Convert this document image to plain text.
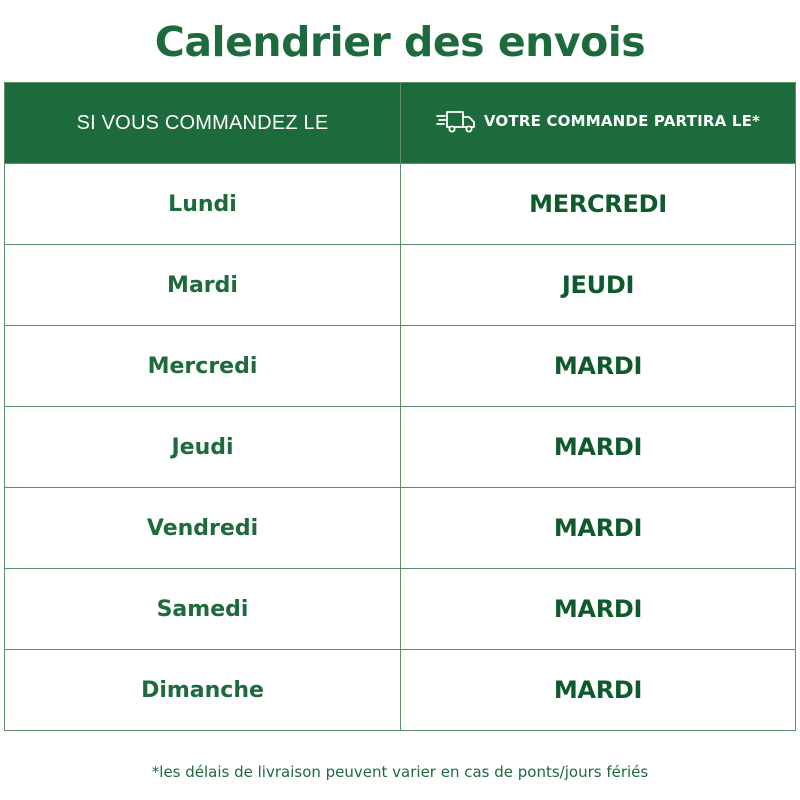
Calendrier des envois
SI VOUS COMMANDEZ LE	VOTRE COMMANDE PARTIRA LE*

Lundi	MERCREDI
Mardi	JEUDI
Mercredi	MARDI
Jeudi	MARDI
Vendredi	MARDI
Samedi	MARDI
Dimanche	MARDI
*les délais de livraison peuvent varier en cas de ponts/jours fériés
